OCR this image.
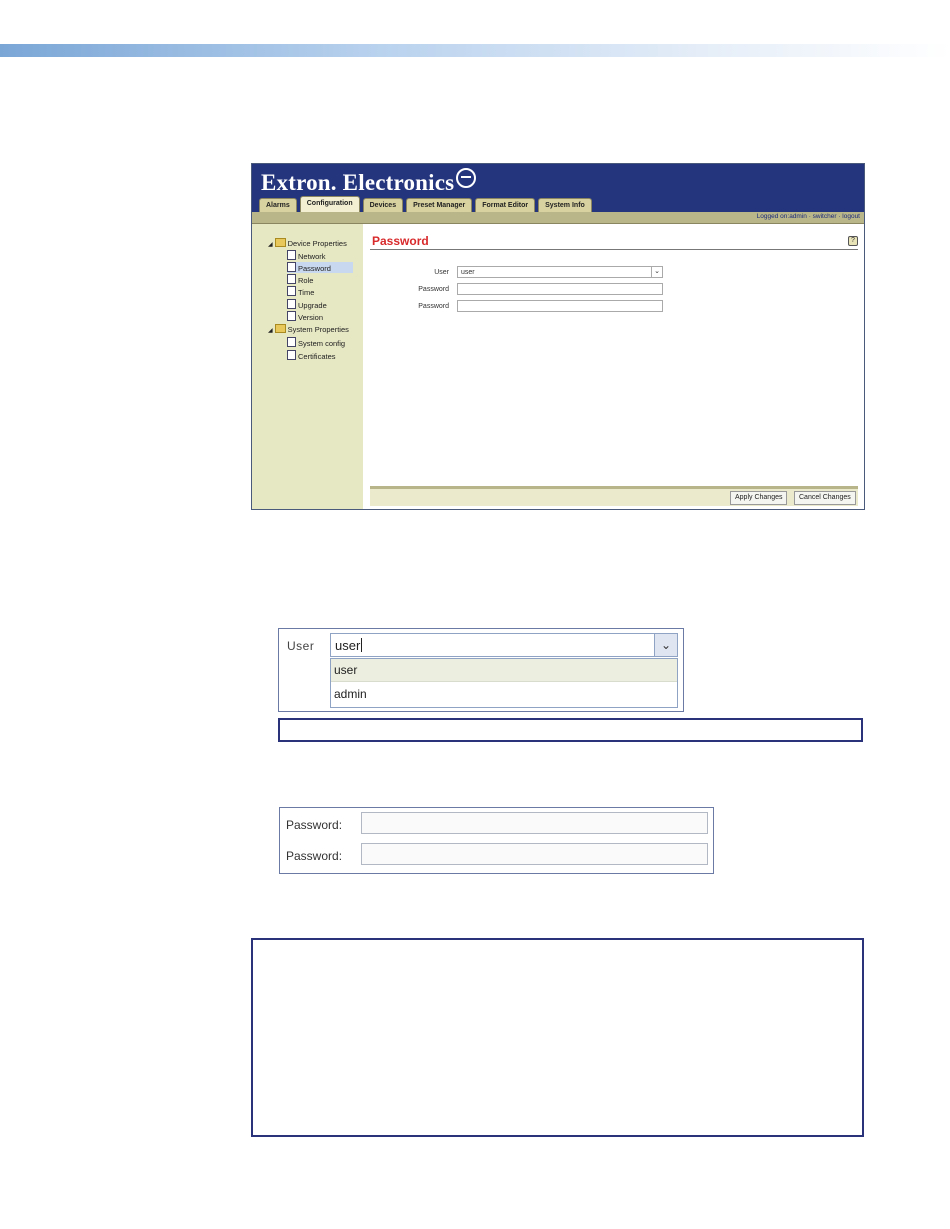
Extron. Electronics
Alarms	Configuration	Devices	Preset Manager	Format Editor	System Info
Logged on:admin · switcher · logout
◢ Device Properties
Network
Password
Role
Time
Upgrade
Version
◢ System Properties
System config
Certificates
Password	?
User	user	⌄
Password
Password
Apply Changes	Cancel Changes
User user	⌄
user
admin
Password:
Password:
